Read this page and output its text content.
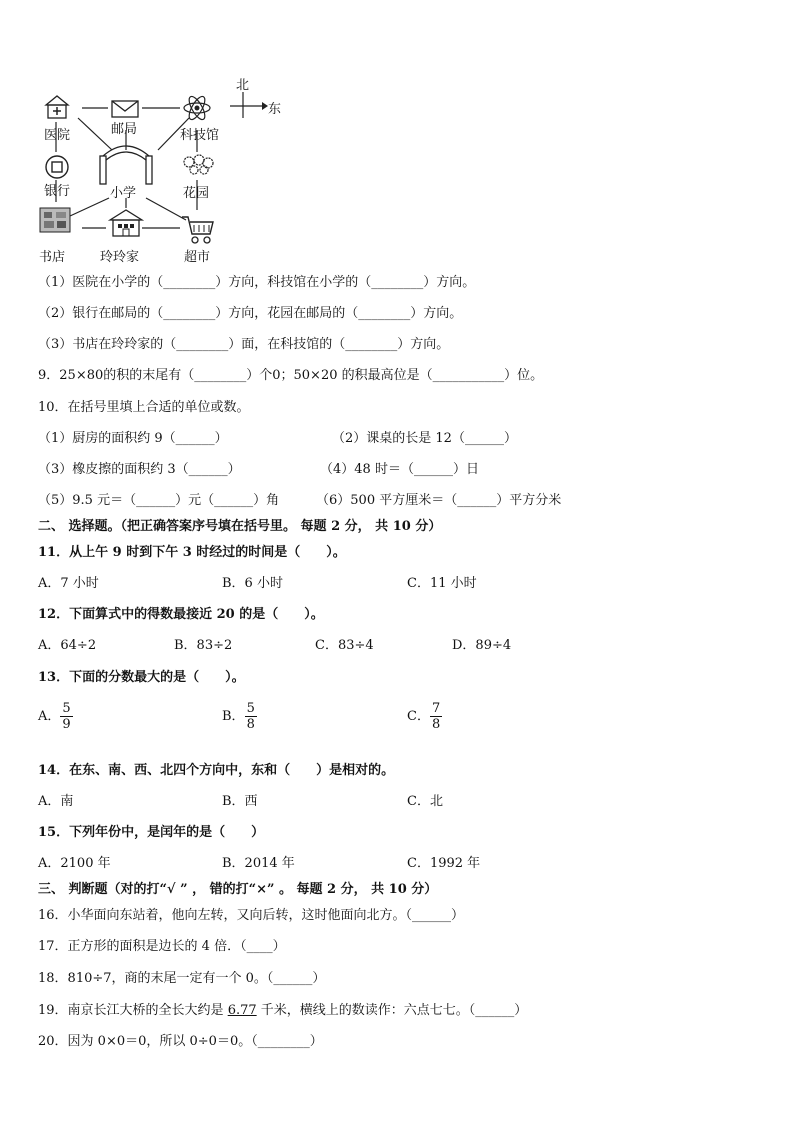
北
东
医院	邮局	科技馆
银行	小学	花园
书店	玲玲家	超市
（1）医院在小学的（________）方向，科技馆在小学的（________）方向。
（2）银行在邮局的（________）方向，花园在邮局的（________）方向。
（3）书店在玲玲家的（________）面，在科技馆的（________）方向。
9．25×80的积的末尾有（________）个0；50×20 的积最高位是（___________）位。
10．在括号里填上合适的单位或数。
（1）厨房的面积约 9（______）	（2）课桌的长是 12（______）
（3）橡皮擦的面积约 3（______）	（4）48 时＝（______）日
（5）9.5 元＝（______）元（______）角	（6）500 平方厘米＝（______）平方分米
二、 选择题。（把正确答案序号填在括号里。 每题 2 分， 共 10 分）
11．从上午 9 时到下午 3 时经过的时间是（　　）。
A．7 小时	B．6 小时	C．11 小时
12．下面算式中的得数最接近 20 的是（　　）。
A．64÷2	B．83÷2	C．83÷4	D．89÷4
13．下面的分数最大的是（　　）。
A． $\frac{5}{9}$	B． $\frac{5}{8}$	C． $\frac{7}{8}$
14．在东、南、西、北四个方向中，东和（　　）是相对的。
A．南	B．西	C．北
15．下列年份中，是闰年的是（　　）
A．2100 年	B．2014 年	C．1992 年
三、 判断题（对的打“√ ” ， 错的打“×” 。 每题 2 分， 共 10 分）
16．小华面向东站着，他向左转，又向后转，这时他面向北方。（______）
17．正方形的面积是边长的 4 倍．（____）
18．810÷7，商的末尾一定有一个 0。（______）
19．南京长江大桥的全长大约是 6.77 千米，横线上的数读作：六点七七。（______）
20．因为 0×0＝0，所以 0÷0＝0。（________）
